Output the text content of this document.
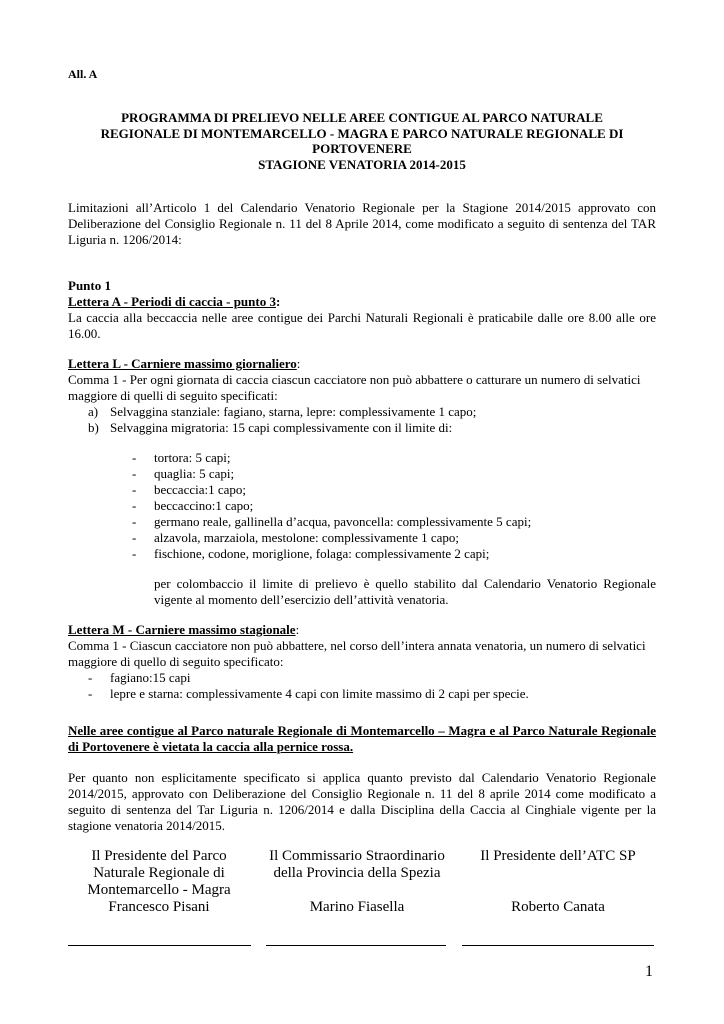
All. A
PROGRAMMA DI PRELIEVO NELLE AREE CONTIGUE AL PARCO NATURALE
REGIONALE DI MONTEMARCELLO - MAGRA E PARCO NATURALE REGIONALE DI
PORTOVENERE
STAGIONE VENATORIA 2014-2015
Limitazioni all’Articolo 1 del Calendario Venatorio Regionale per la Stagione 2014/2015 approvato con Deliberazione del Consiglio Regionale n. 11 del 8 Aprile 2014, come modificato a seguito di sentenza del TAR Liguria n. 1206/2014:
Punto 1
Lettera A - Periodi di caccia - punto 3:
La caccia alla beccaccia nelle aree contigue dei Parchi Naturali Regionali è praticabile dalle ore 8.00 alle ore 16.00.
Lettera L - Carniere massimo giornaliero:
Comma 1 - Per ogni giornata di caccia ciascun cacciatore non può abbattere o catturare un numero di selvatici maggiore di quelli di seguito specificati:
a) Selvaggina stanziale: fagiano, starna, lepre: complessivamente 1 capo;
b) Selvaggina migratoria: 15 capi complessivamente con il limite di:
-	tortora: 5 capi;
-	quaglia: 5 capi;
-	beccaccia:1 capo;
-	beccaccino:1 capo;
-	germano reale, gallinella d’acqua, pavoncella: complessivamente 5 capi;
-	alzavola, marzaiola, mestolone: complessivamente 1 capo;
-	fischione, codone, moriglione, folaga: complessivamente 2 capi;
per colombaccio il limite di prelievo è quello stabilito dal Calendario Venatorio Regionale vigente al momento dell’esercizio dell’attività venatoria.
Lettera M - Carniere massimo stagionale:
Comma 1 - Ciascun cacciatore non può abbattere, nel corso dell’intera annata venatoria, un numero di selvatici maggiore di quello di seguito specificato:
-	fagiano:15 capi
-	lepre e starna: complessivamente 4 capi con limite massimo di 2 capi per specie.
Nelle aree contigue al Parco naturale Regionale di Montemarcello – Magra e al Parco Naturale Regionale di Portovenere è vietata la caccia alla pernice rossa.
Per quanto non esplicitamente specificato si applica quanto previsto dal Calendario Venatorio Regionale 2014/2015, approvato con Deliberazione del Consiglio Regionale n. 11 del 8 aprile 2014 come modificato a seguito di sentenza del Tar Liguria n. 1206/2014 e dalla Disciplina della Caccia al Cinghiale vigente per la stagione venatoria 2014/2015.
Il Presidente del Parco
Naturale Regionale di
Montemarcello - Magra
Francesco Pisani
Il Commissario Straordinario
della Provincia della Spezia
Marino Fiasella
Il Presidente dell’ATC SP
Roberto Canata
1
